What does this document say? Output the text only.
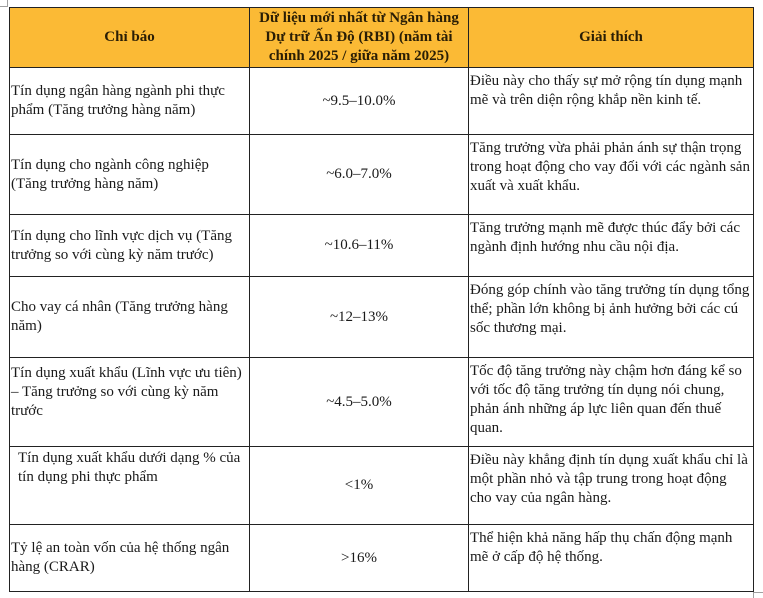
Chỉ báo	Dữ liệu mới nhất từ Ngân hàng Dự trữ Ấn Độ (RBI) (năm tài chính 2025 / giữa năm 2025)	Giải thích
Tín dụng ngân hàng ngành phi thực phẩm (Tăng trưởng hàng năm)	~9.5–10.0%	Điều này cho thấy sự mở rộng tín dụng mạnh mẽ và trên diện rộng khắp nền kinh tế.
Tín dụng cho ngành công nghiệp (Tăng trưởng hàng năm)	~6.0–7.0%	Tăng trưởng vừa phải phản ánh sự thận trọng trong hoạt động cho vay đối với các ngành sản xuất và xuất khẩu.
Tín dụng cho lĩnh vực dịch vụ (Tăng trưởng so với cùng kỳ năm trước)	~10.6–11%	Tăng trưởng mạnh mẽ được thúc đẩy bởi các ngành định hướng nhu cầu nội địa.
Cho vay cá nhân (Tăng trưởng hàng năm)	~12–13%	Đóng góp chính vào tăng trưởng tín dụng tổng thể; phần lớn không bị ảnh hưởng bởi các cú sốc thương mại.
Tín dụng xuất khẩu (Lĩnh vực ưu tiên) – Tăng trưởng so với cùng kỳ năm trước	~4.5–5.0%	Tốc độ tăng trưởng này chậm hơn đáng kể so với tốc độ tăng trưởng tín dụng nói chung, phản ánh những áp lực liên quan đến thuế quan.
Tín dụng xuất khẩu dưới dạng % của tín dụng phi thực phẩm	<1%	Điều này khẳng định tín dụng xuất khẩu chỉ là một phần nhỏ và tập trung trong hoạt động cho vay của ngân hàng.
Tỷ lệ an toàn vốn của hệ thống ngân hàng (CRAR)	>16%	Thể hiện khả năng hấp thụ chấn động mạnh mẽ ở cấp độ hệ thống.
